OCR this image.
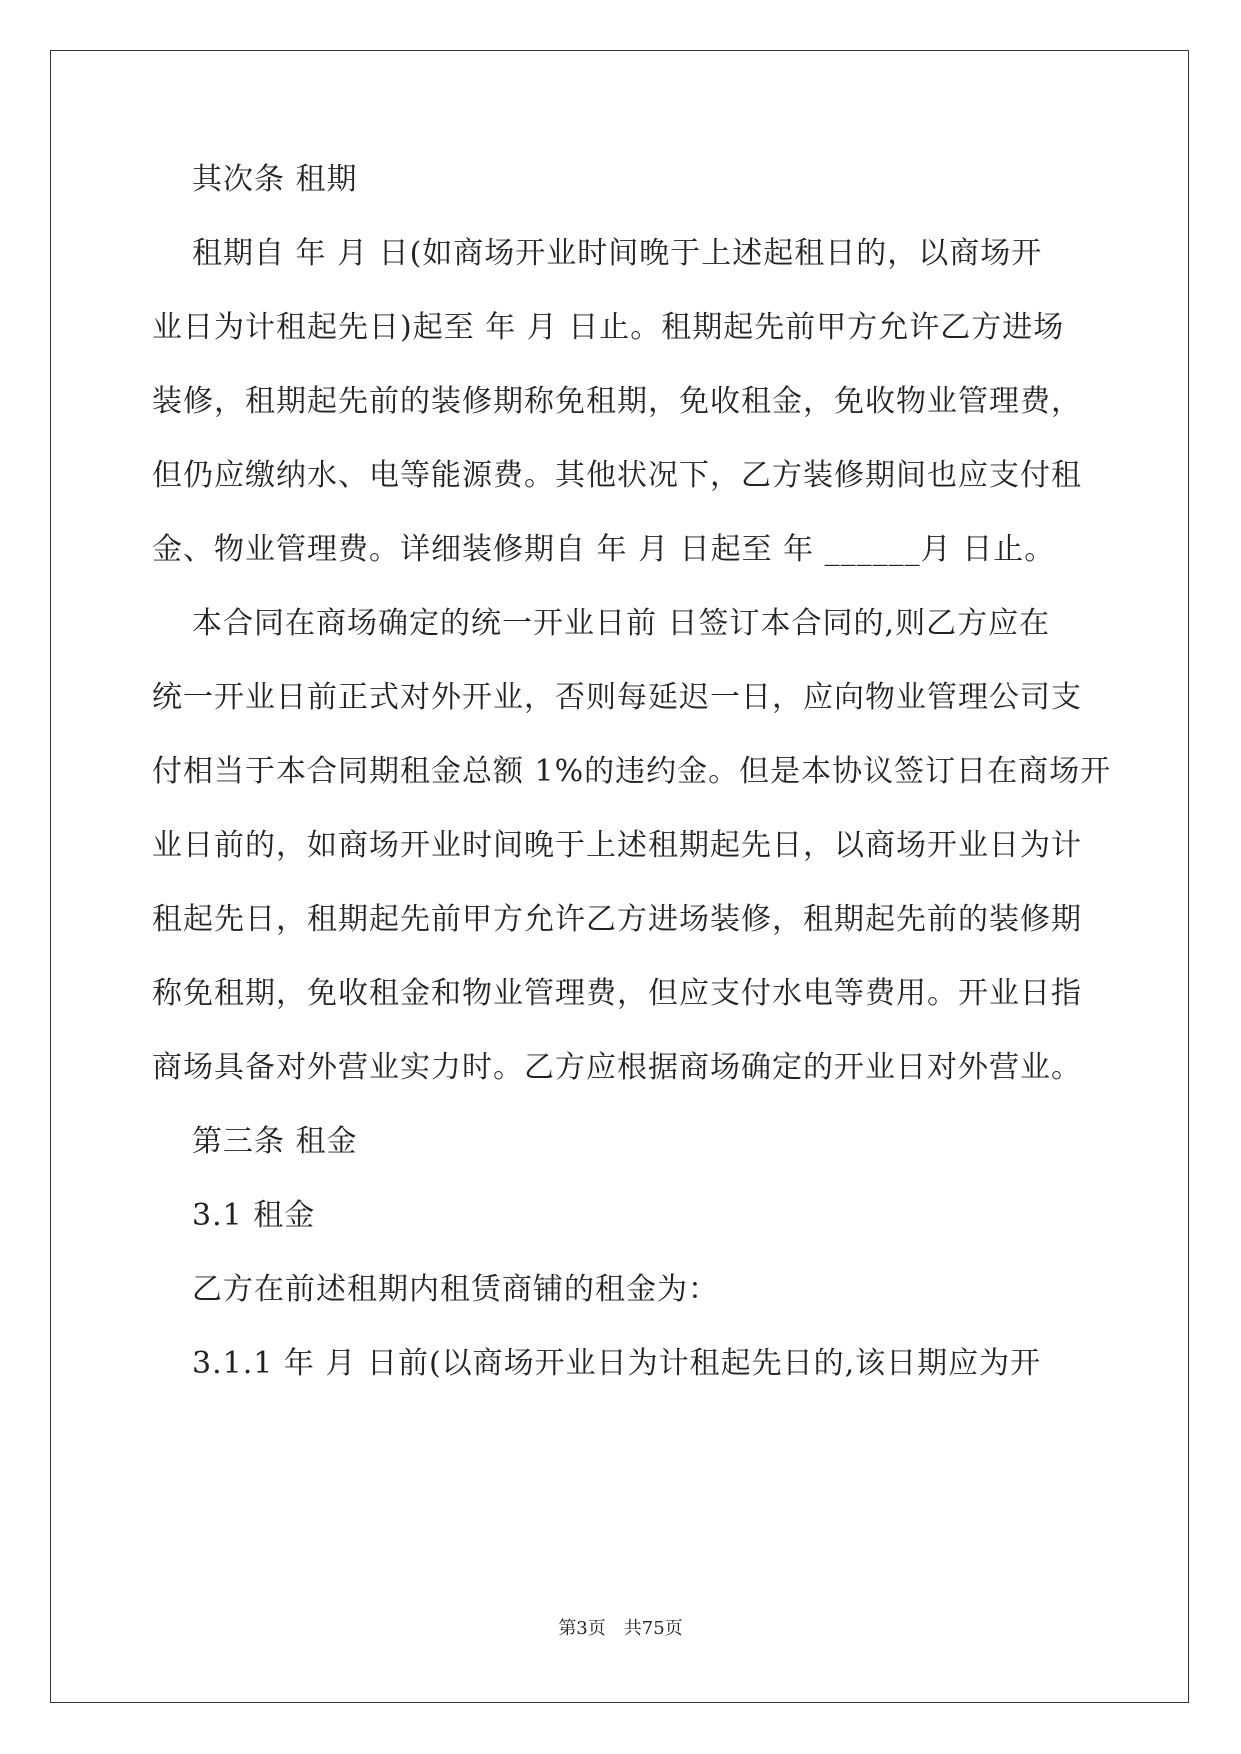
其次条 租期
租期自 年 月 日(如商场开业时间晚于上述起租日的，以商场开
业日为计租起先日)起至 年 月 日止。租期起先前甲方允许乙方进场
装修，租期起先前的装修期称免租期，免收租金，免收物业管理费，
但仍应缴纳水、电等能源费。其他状况下，乙方装修期间也应支付租
金、物业管理费。详细装修期自 年 月 日起至 年 ______月 日止。
本合同在商场确定的统一开业日前 日签订本合同的,则乙方应在
统一开业日前正式对外开业，否则每延迟一日，应向物业管理公司支
付相当于本合同期租金总额 1%的违约金。但是本协议签订日在商场开
业日前的，如商场开业时间晚于上述租期起先日，以商场开业日为计
租起先日，租期起先前甲方允许乙方进场装修，租期起先前的装修期
称免租期，免收租金和物业管理费，但应支付水电等费用。开业日指
商场具备对外营业实力时。乙方应根据商场确定的开业日对外营业。
第三条 租金
3.1 租金
乙方在前述租期内租赁商铺的租金为：
3.1.1 年 月 日前(以商场开业日为计租起先日的,该日期应为开
第3页 共75页
